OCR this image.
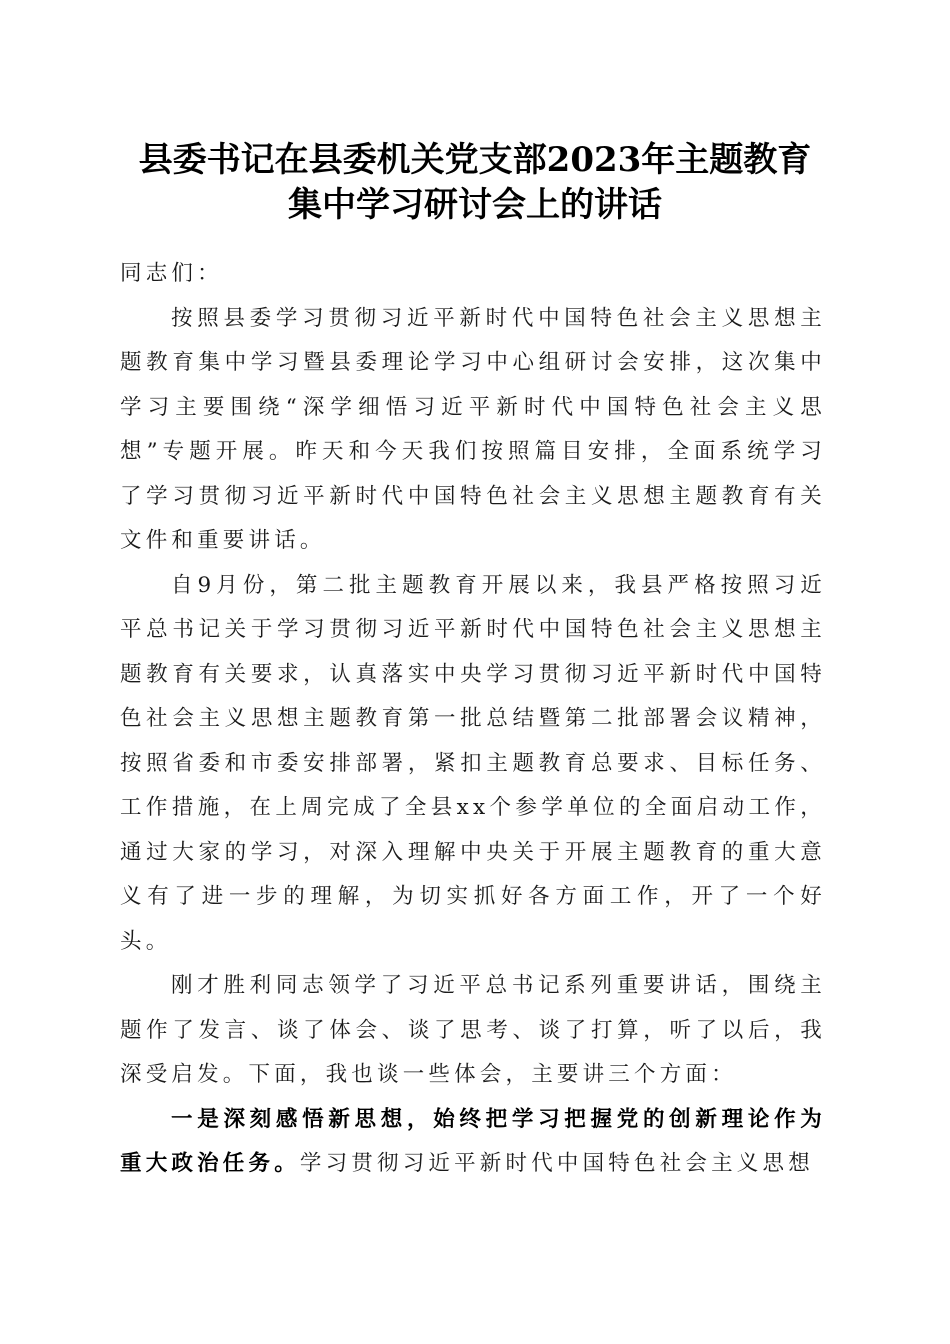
县委书记在县委机关党支部2023年主题教育
集中学习研讨会上的讲话

同志们：

按照县委学习贯彻习近平新时代中国特色社会主义思想主题教育集中学习暨县委理论学习中心组研讨会安排，这次集中学习主要围绕“深学细悟习近平新时代中国特色社会主义思想”专题开展。昨天和今天我们按照篇目安排，全面系统学习了学习贯彻习近平新时代中国特色社会主义思想主题教育有关文件和重要讲话。

自9月份，第二批主题教育开展以来，我县严格按照习近平总书记关于学习贯彻习近平新时代中国特色社会主义思想主题教育有关要求，认真落实中央学习贯彻习近平新时代中国特色社会主义思想主题教育第一批总结暨第二批部署会议精神，按照省委和市委安排部署，紧扣主题教育总要求、目标任务、工作措施，在上周完成了全县xx个参学单位的全面启动工作，通过大家的学习，对深入理解中央关于开展主题教育的重大意义有了进一步的理解，为切实抓好各方面工作，开了一个好头。

刚才胜利同志领学了习近平总书记系列重要讲话，围绕主题作了发言、谈了体会、谈了思考、谈了打算，听了以后，我深受启发。下面，我也谈一些体会，主要讲三个方面：

一是深刻感悟新思想，始终把学习把握党的创新理论作为重大政治任务。学习贯彻习近平新时代中国特色社会主义思想
